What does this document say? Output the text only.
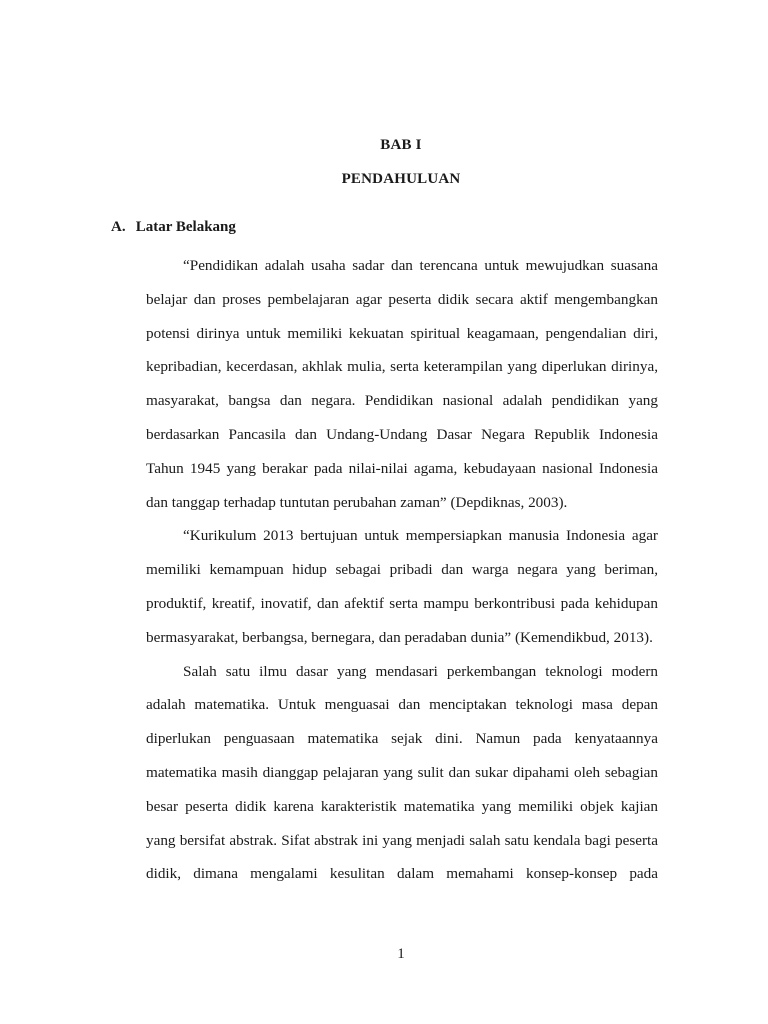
BAB I
PENDAHULUAN
A. Latar Belakang

“Pendidikan adalah usaha sadar dan terencana untuk mewujudkan suasana belajar dan proses pembelajaran agar peserta didik secara aktif mengembangkan potensi dirinya untuk memiliki kekuatan spiritual keagamaan, pengendalian diri, kepribadian, kecerdasan, akhlak mulia, serta keterampilan yang diperlukan dirinya, masyarakat, bangsa dan negara. Pendidikan nasional adalah pendidikan yang berdasarkan Pancasila dan Undang-Undang Dasar Negara Republik Indonesia Tahun 1945 yang berakar pada nilai-nilai agama, kebudayaan nasional Indonesia dan tanggap terhadap tuntutan perubahan zaman” (Depdiknas, 2003).

“Kurikulum 2013 bertujuan untuk mempersiapkan manusia Indonesia agar memiliki kemampuan hidup sebagai pribadi dan warga negara yang beriman, produktif, kreatif, inovatif, dan afektif serta mampu berkontribusi pada kehidupan bermasyarakat, berbangsa, bernegara, dan peradaban dunia” (Kemendikbud, 2013).

Salah satu ilmu dasar yang mendasari perkembangan teknologi modern adalah matematika. Untuk menguasai dan menciptakan teknologi masa depan diperlukan penguasaan matematika sejak dini. Namun pada kenyataannya matematika masih dianggap pelajaran yang sulit dan sukar dipahami oleh sebagian besar peserta didik karena karakteristik matematika yang memiliki objek kajian yang bersifat abstrak. Sifat abstrak ini yang menjadi salah satu kendala bagi peserta didik, dimana mengalami kesulitan dalam memahami konsep-konsep pada

1
